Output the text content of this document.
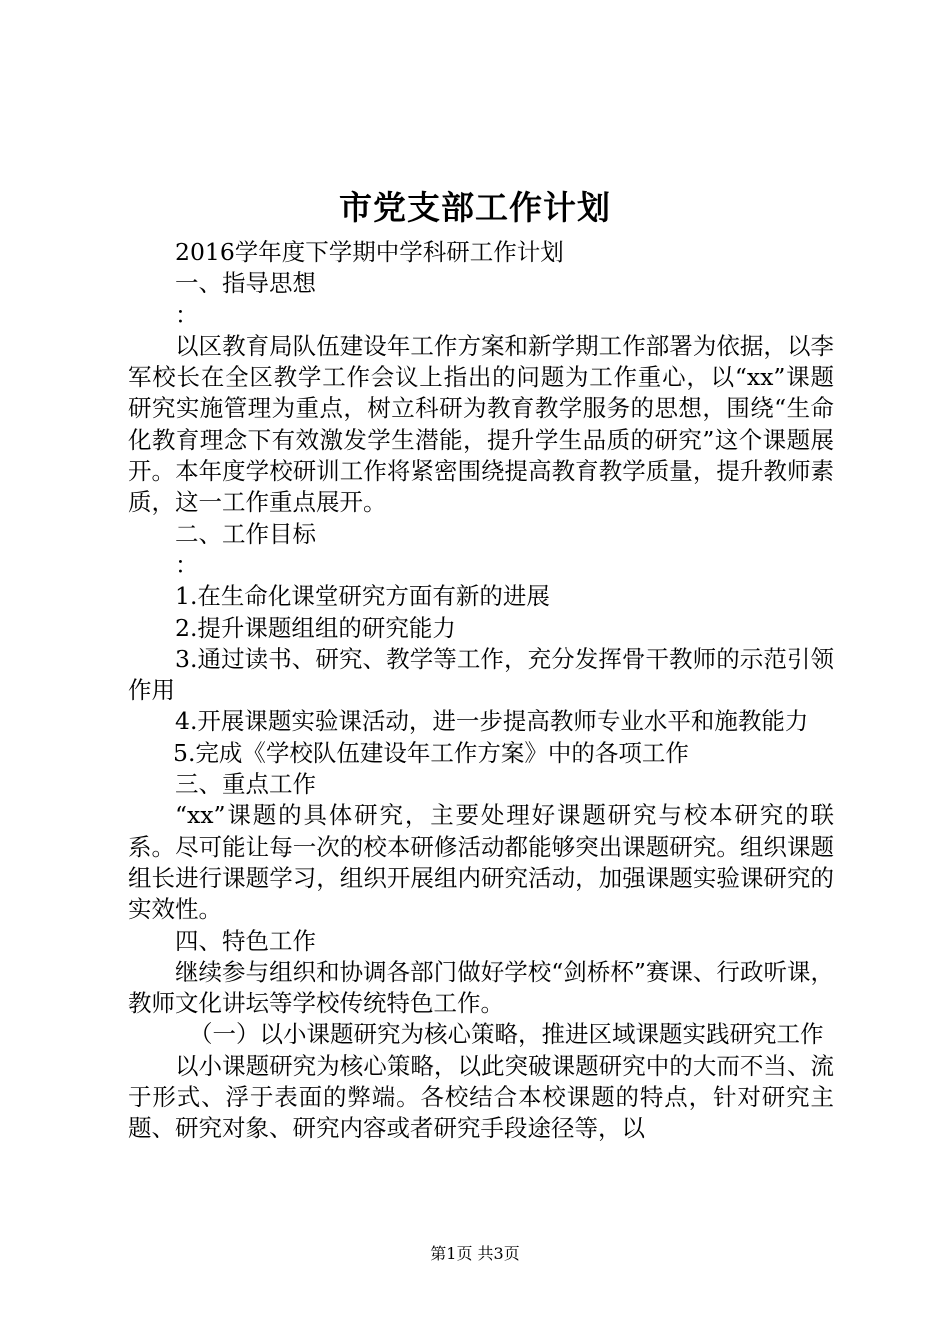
市党支部工作计划

2016学年度下学期中学科研工作计划

一、指导思想

：

以区教育局队伍建设年工作方案和新学期工作部署为依据，以李军校长在全区教学工作会议上指出的问题为工作重心，以“xx”课题研究实施管理为重点，树立科研为教育教学服务的思想，围绕“生命化教育理念下有效激发学生潜能，提升学生品质的研究”这个课题展开。本年度学校研训工作将紧密围绕提高教育教学质量，提升教师素质，这一工作重点展开。

二、工作目标

：

1.在生命化课堂研究方面有新的进展

2.提升课题组组的研究能力

3.通过读书、研究、教学等工作，充分发挥骨干教师的示范引领作用

4.开展课题实验课活动，进一步提高教师专业水平和施教能力

5.完成《学校队伍建设年工作方案》中的各项工作

三、重点工作

“xx”课题的具体研究，主要处理好课题研究与校本研究的联系。尽可能让每一次的校本研修活动都能够突出课题研究。组织课题组长进行课题学习，组织开展组内研究活动，加强课题实验课研究的实效性。

四、特色工作

继续参与组织和协调各部门做好学校“剑桥杯”赛课、行政听课，教师文化讲坛等学校传统特色工作。

（一）以小课题研究为核心策略，推进区域课题实践研究工作

以小课题研究为核心策略，以此突破课题研究中的大而不当、流于形式、浮于表面的弊端。各校结合本校课题的特点，针对研究主题、研究对象、研究内容或者研究手段途径等，以

第1页 共3页
